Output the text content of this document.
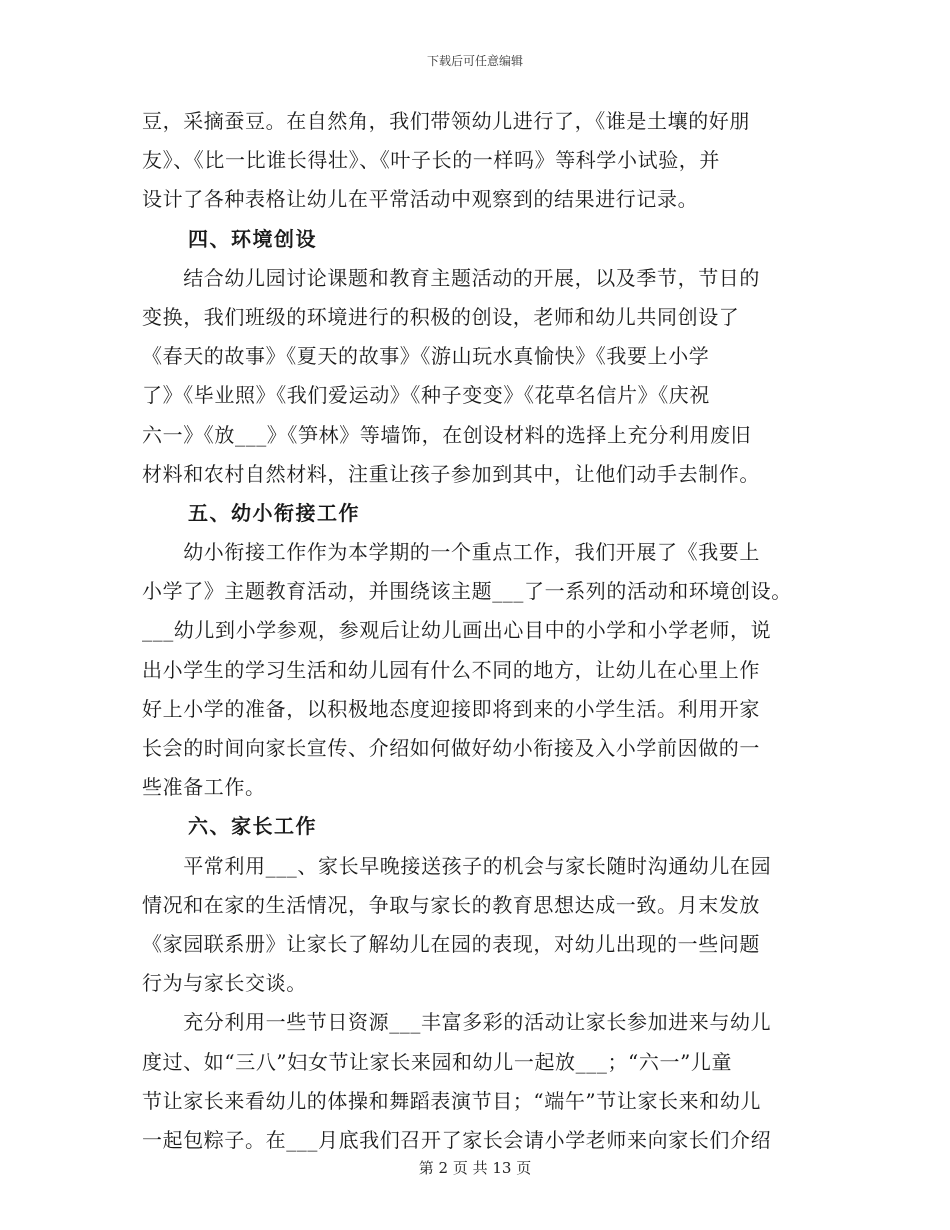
下载后可任意编辑
豆，采摘蚕豆。在自然角，我们带领幼儿进行了，《谁是土壤的好朋
友》、《比一比谁长得壮》、《叶子长的一样吗》等科学小试验，并
设计了各种表格让幼儿在平常活动中观察到的结果进行记录。
四、环境创设
　　结合幼儿园讨论课题和教育主题活动的开展，以及季节，节日的
变换，我们班级的环境进行的积极的创设，老师和幼儿共同创设了
《春天的故事》《夏天的故事》《游山玩水真愉快》《我要上小学
了》《毕业照》《我们爱运动》《种子变变》《花草名信片》《庆祝
六一》《放___》《笋林》等墙饰，在创设材料的选择上充分利用废旧
材料和农村自然材料，注重让孩子参加到其中，让他们动手去制作。
五、幼小衔接工作
　　幼小衔接工作作为本学期的一个重点工作，我们开展了《我要上
小学了》主题教育活动，并围绕该主题___了一系列的活动和环境创设。
___幼儿到小学参观，参观后让幼儿画出心目中的小学和小学老师，说
出小学生的学习生活和幼儿园有什么不同的地方，让幼儿在心里上作
好上小学的准备，以积极地态度迎接即将到来的小学生活。利用开家
长会的时间向家长宣传、介绍如何做好幼小衔接及入小学前因做的一
些准备工作。
六、家长工作
　　平常利用___、家长早晚接送孩子的机会与家长随时沟通幼儿在园
情况和在家的生活情况，争取与家长的教育思想达成一致。月末发放
《家园联系册》让家长了解幼儿在园的表现，对幼儿出现的一些问题
行为与家长交谈。
　　充分利用一些节日资源___丰富多彩的活动让家长参加进来与幼儿
度过、如“三八”妇女节让家长来园和幼儿一起放___；“六一”儿童
节让家长来看幼儿的体操和舞蹈表演节目；“端午”节让家长来和幼儿
一起包粽子。在___月底我们召开了家长会请小学老师来向家长们介绍
第 2 页 共 13 页
